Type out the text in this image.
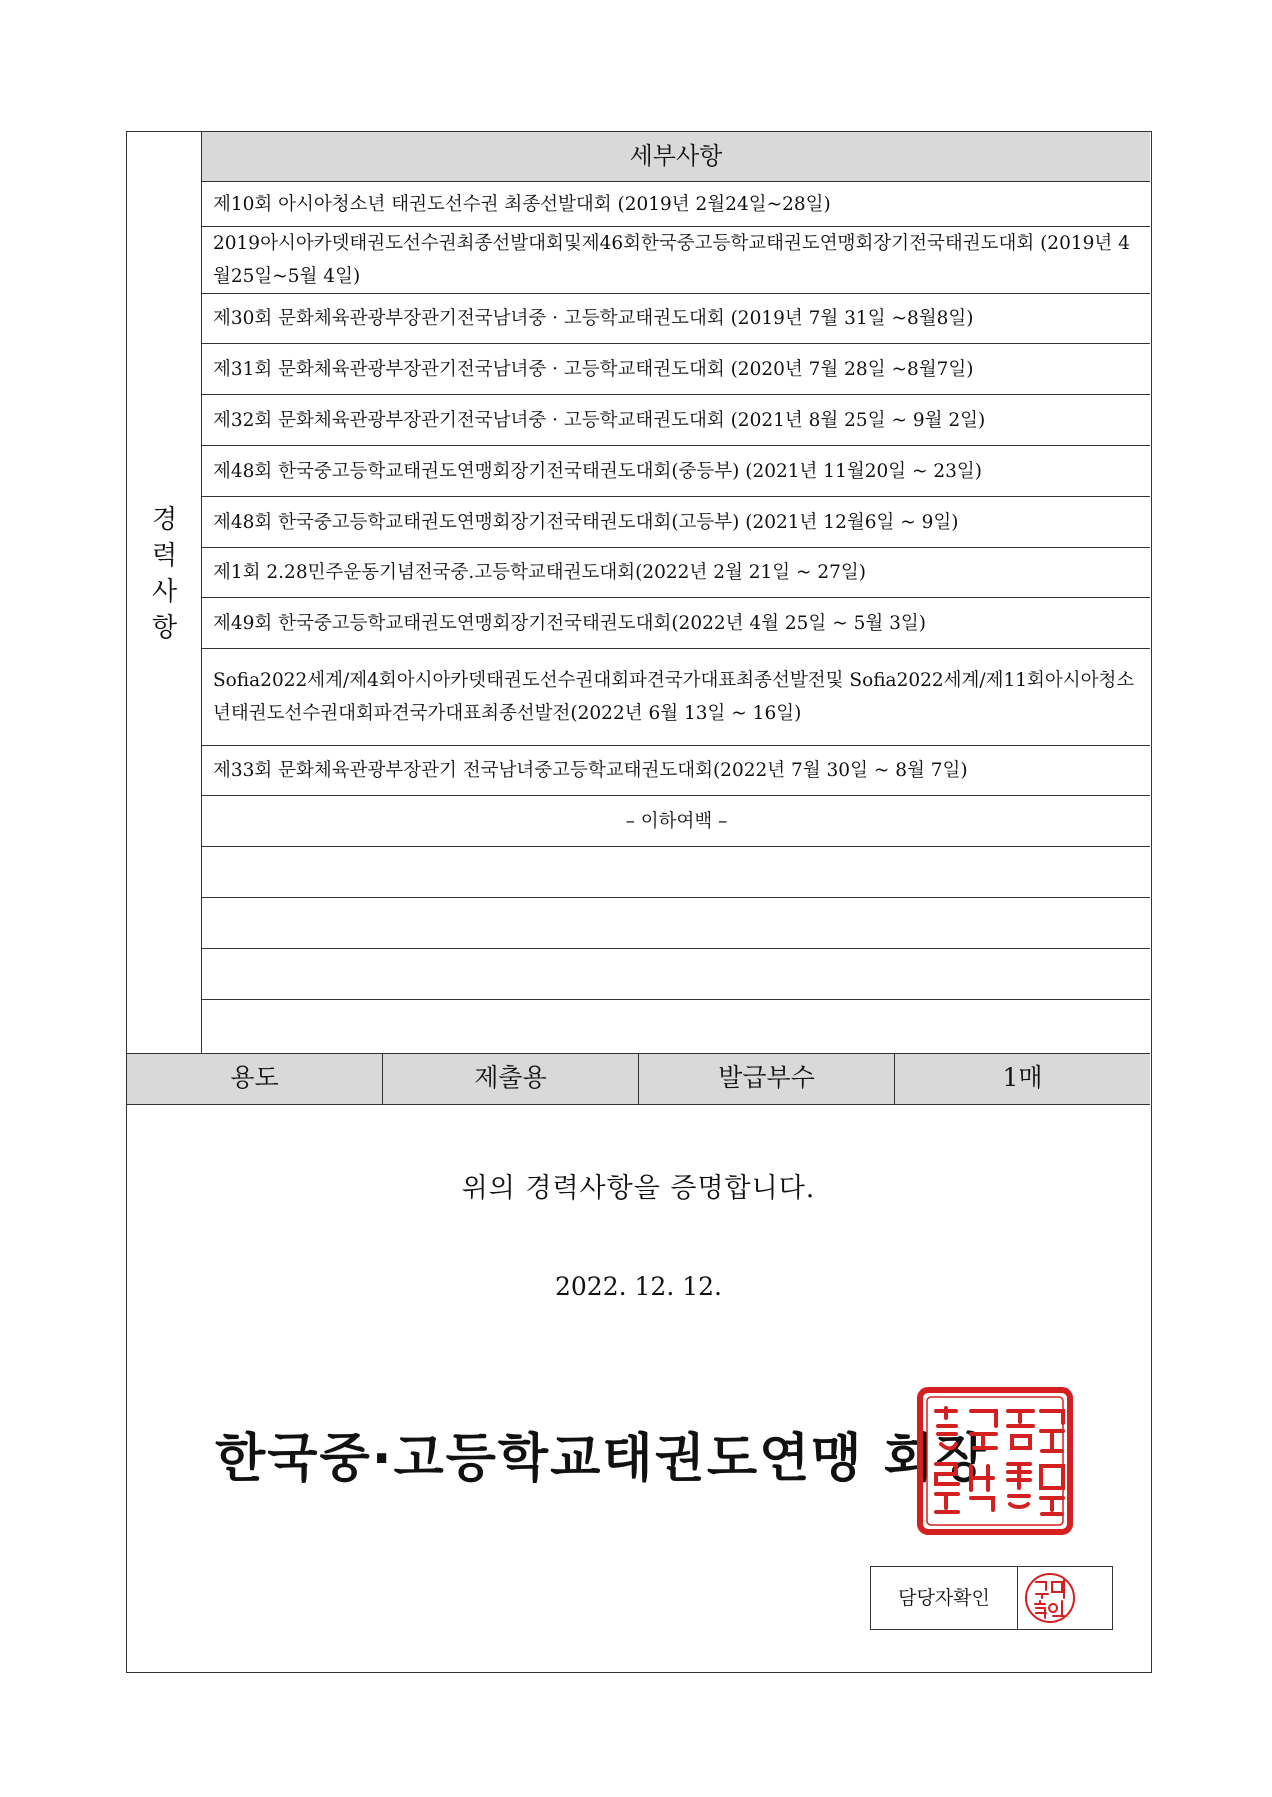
경
력
사
항
세부사항
제10회 아시아청소년 태권도선수권 최종선발대회 (2019년 2월24일~28일)
2019아시아카뎃태권도선수권최종선발대회및제46회한국중고등학교태권도연맹회장기전국태권도대회 (2019년 4월25일~5월 4일)
제30회 문화체육관광부장관기전국남녀중 · 고등학교태권도대회 (2019년 7월 31일 ~8월8일)
제31회 문화체육관광부장관기전국남녀중 · 고등학교태권도대회 (2020년 7월 28일 ~8월7일)
제32회 문화체육관광부장관기전국남녀중 · 고등학교태권도대회 (2021년 8월 25일 ~ 9월 2일)
제48회 한국중고등학교태권도연맹회장기전국태권도대회(중등부) (2021년 11월20일 ~ 23일)
제48회 한국중고등학교태권도연맹회장기전국태권도대회(고등부) (2021년 12월6일 ~ 9일)
제1회 2.28민주운동기념전국중.고등학교태권도대회(2022년 2월 21일 ~ 27일)
제49회 한국중고등학교태권도연맹회장기전국태권도대회(2022년 4월 25일 ~ 5월 3일)
Sofia2022세계/제4회아시아카뎃태권도선수권대회파견국가대표최종선발전및 Sofia2022세계/제11회아시아청소년태권도선수권대회파견국가대표최종선발전(2022년 6월 13일 ~ 16일)
제33회 문화체육관광부장관기 전국남녀중고등학교태권도대회(2022년 7월 30일 ~ 8월 7일)
– 이하여백 –
용도	제출용	발급부수	1매
위의 경력사항을 증명합니다.
2022. 12. 12.
한국중·고등학교태권도연맹 회장
담당자확인
